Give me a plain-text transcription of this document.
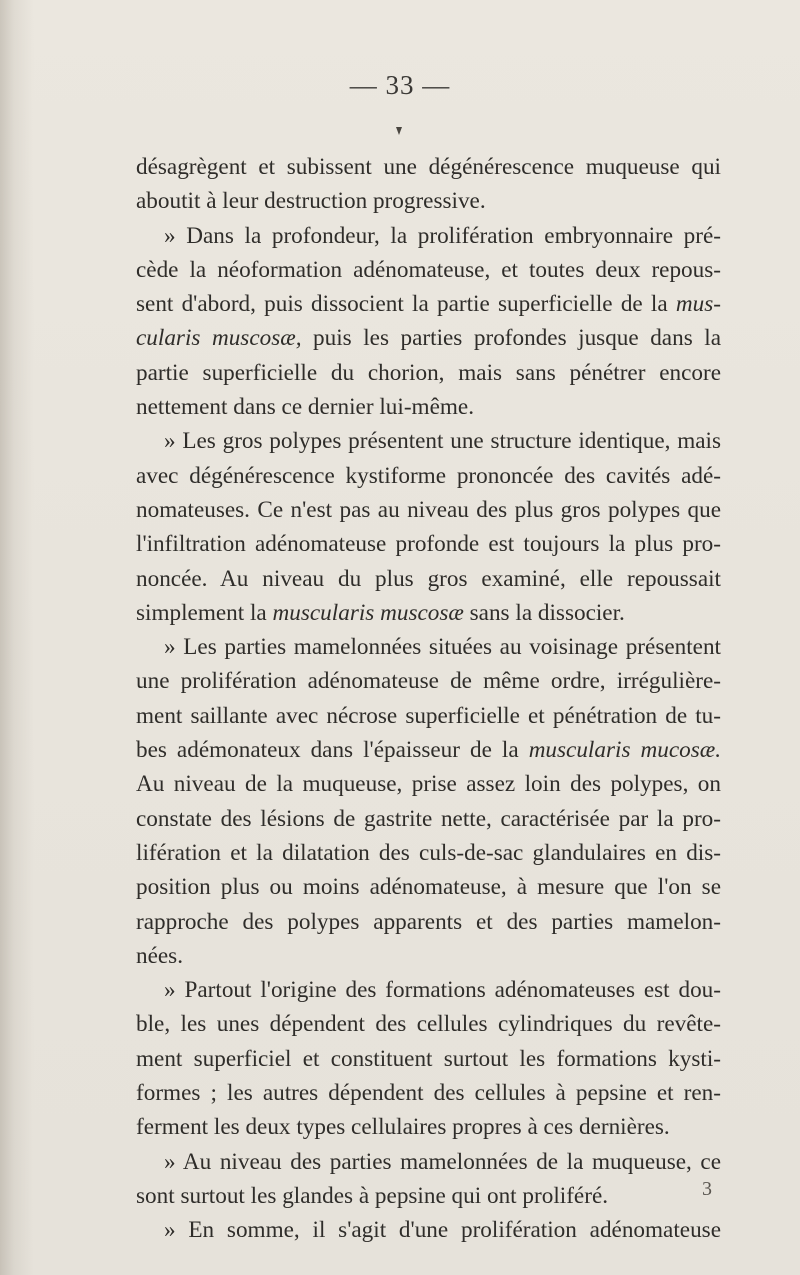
— 33 —
désagrègent et subissent une dégénérescence muqueuse qui
aboutit à leur destruction progressive.
» Dans la profondeur, la prolifération embryonnaire pré-
cède la néoformation adénomateuse, et toutes deux repous-
sent d'abord, puis dissocient la partie superficielle de la mus-
cularis muscosæ, puis les parties profondes jusque dans la
partie superficielle du chorion, mais sans pénétrer encore
nettement dans ce dernier lui-même.
» Les gros polypes présentent une structure identique, mais
avec dégénérescence kystiforme prononcée des cavités adé-
nomateuses. Ce n'est pas au niveau des plus gros polypes que
l'infiltration adénomateuse profonde est toujours la plus pro-
noncée. Au niveau du plus gros examiné, elle repoussait
simplement la muscularis muscosæ sans la dissocier.
» Les parties mamelonnées situées au voisinage présentent
une prolifération adénomateuse de même ordre, irrégulière-
ment saillante avec nécrose superficielle et pénétration de tu-
bes adémonateux dans l'épaisseur de la muscularis mucosæ.
Au niveau de la muqueuse, prise assez loin des polypes, on
constate des lésions de gastrite nette, caractérisée par la pro-
lifération et la dilatation des culs-de-sac glandulaires en dis-
position plus ou moins adénomateuse, à mesure que l'on se
rapproche des polypes apparents et des parties mamelon-
nées.
» Partout l'origine des formations adénomateuses est dou-
ble, les unes dépendent des cellules cylindriques du revête-
ment superficiel et constituent surtout les formations kysti-
formes ; les autres dépendent des cellules à pepsine et ren-
ferment les deux types cellulaires propres à ces dernières.
» Au niveau des parties mamelonnées de la muqueuse, ce
sont surtout les glandes à pepsine qui ont proliféré.
» En somme, il s'agit d'une prolifération adénomateuse
3
